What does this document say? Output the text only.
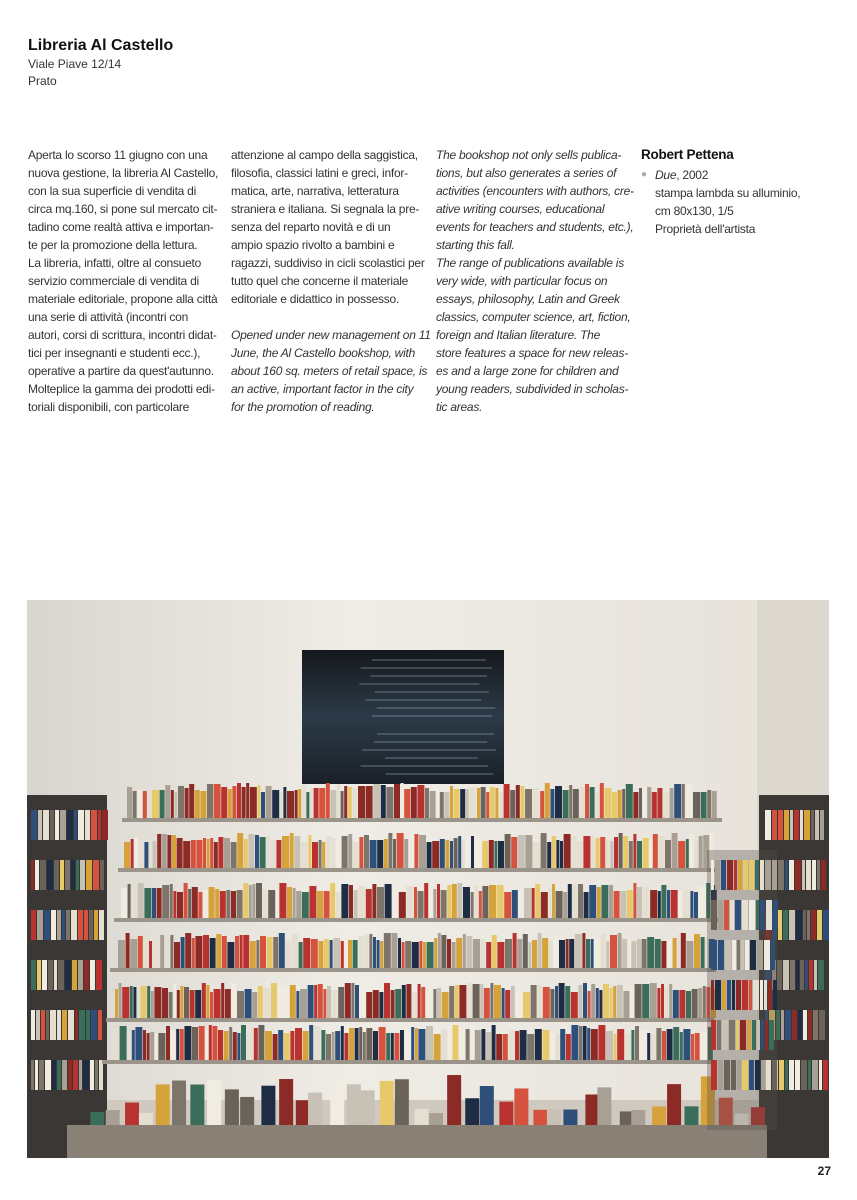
Libreria Al Castello
Viale Piave 12/14
Prato
Aperta lo scorso 11 giugno con una
nuova gestione, la libreria Al Castello,
con la sua superficie di vendita di
circa mq.160, si pone sul mercato cit-
tadino come realtà attiva e importan-
te per la promozione della lettura.
La libreria, infatti, oltre al consueto
servizio commerciale di vendita di
materiale editoriale, propone alla città
una serie di attività (incontri con
autori, corsi di scrittura, incontri didat-
tici per insegnanti e studenti ecc.),
operative a partire da quest'autunno.
Molteplice la gamma dei prodotti edi-
toriali disponibili, con particolare
attenzione al campo della saggistica,
filosofia, classici latini e greci, infor-
matica, arte, narrativa, letteratura
straniera e italiana. Si segnala la pre-
senza del reparto novità e di un
ampio spazio rivolto a bambini e
ragazzi, suddiviso in cicli scolastici per
tutto quel che concerne il materiale
editoriale e didattico in possesso.
Opened under new management on 11
June, the Al Castello bookshop, with
about 160 sq. meters of retail space, is
an active, important factor in the city
for the promotion of reading.
The bookshop not only sells publica-
tions, but also generates a series of
activities (encounters with authors, cre-
ative writing courses, educational
events for teachers and students, etc.),
starting this fall.
The range of publications available is
very wide, with particular focus on
essays, philosophy, Latin and Greek
classics, computer science, art, fiction,
foreign and Italian literature. The
store features a space for new releas-
es and a large zone for children and
young readers, subdivided in scholas-
tic areas.
Robert Pettena
● Due, 2002
stampa lambda su alluminio,
cm 80x130, 1/5
Proprietà dell'artista
27
